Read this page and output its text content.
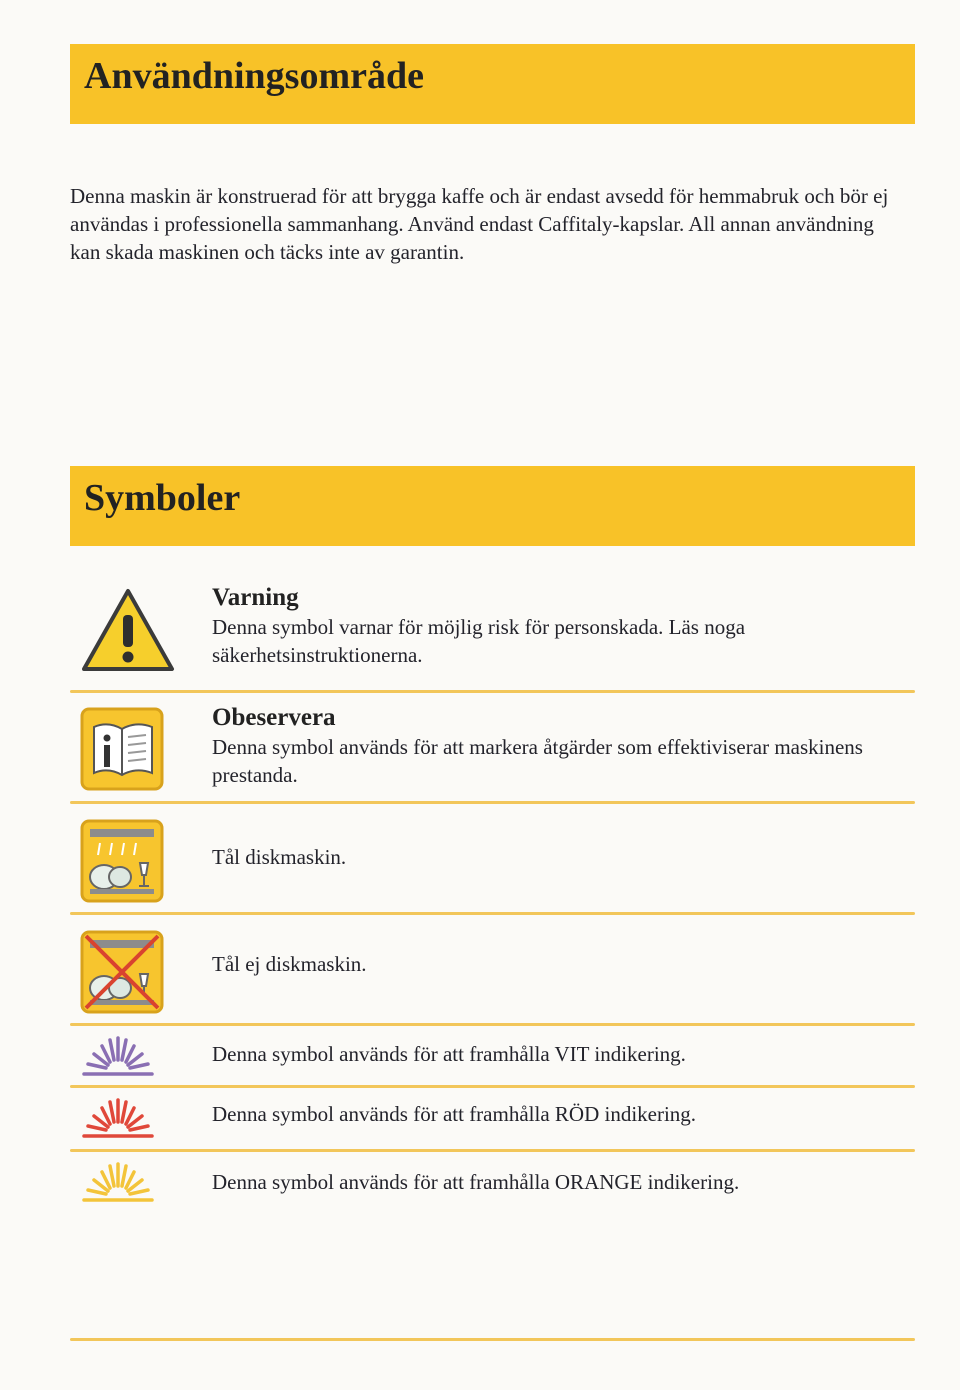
Användningsområde

Denna maskin är konstruerad för att brygga kaffe och är endast avsedd för hemmabruk och bör ej användas i professionella sammanhang. Använd endast Caffitaly-kapslar. All annan användning kan skada maskinen och täcks inte av garantin.

Symboler
Varning

Denna symbol varnar för möjlig risk för personskada. Läs noga säkerhetsinstruktionerna.

Obeservera

Denna symbol används för att markera åtgärder som effektiviserar maskinens prestanda.

Tål diskmaskin.

Tål ej diskmaskin.

Denna symbol används för att framhålla VIT indikering.

Denna symbol används för att framhålla RÖD indikering.

Denna symbol används för att framhålla ORANGE indikering.
